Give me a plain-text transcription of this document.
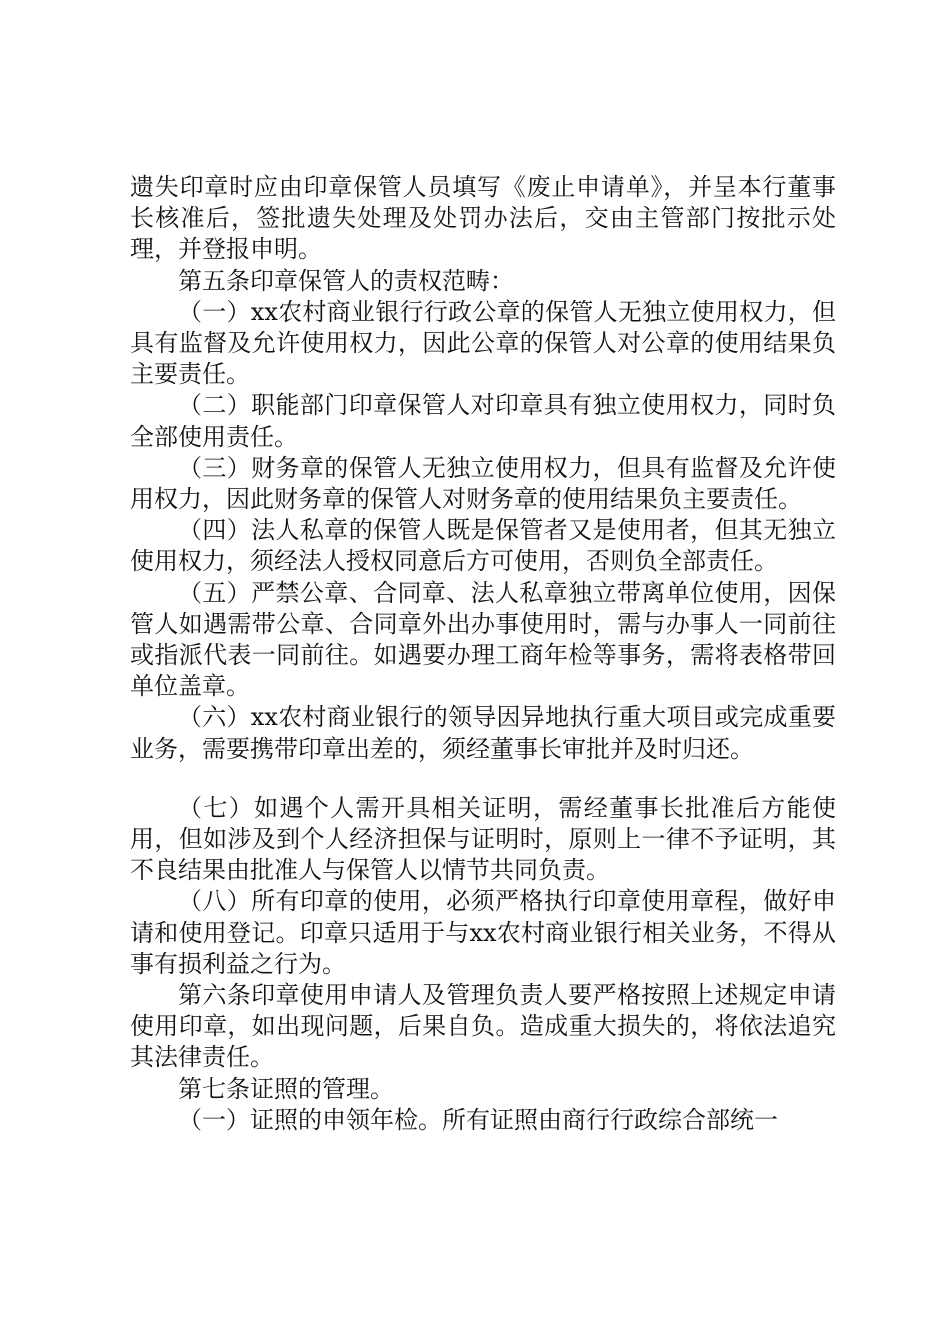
遗失印章时应由印章保管人员填写《废止申请单》，并呈本行董事长核准后，签批遗失处理及处罚办法后，交由主管部门按批示处理，并登报申明。

第五条印章保管人的责权范畴：

（一）xx农村商业银行行政公章的保管人无独立使用权力，但具有监督及允许使用权力，因此公章的保管人对公章的使用结果负主要责任。

（二）职能部门印章保管人对印章具有独立使用权力，同时负全部使用责任。

（三）财务章的保管人无独立使用权力，但具有监督及允许使用权力，因此财务章的保管人对财务章的使用结果负主要责任。

（四）法人私章的保管人既是保管者又是使用者，但其无独立使用权力，须经法人授权同意后方可使用，否则负全部责任。

（五）严禁公章、合同章、法人私章独立带离单位使用，因保管人如遇需带公章、合同章外出办事使用时，需与办事人一同前往或指派代表一同前往。如遇要办理工商年检等事务，需将表格带回单位盖章。

（六）xx农村商业银行的领导因异地执行重大项目或完成重要业务，需要携带印章出差的，须经董事长审批并及时归还。

（七）如遇个人需开具相关证明，需经董事长批准后方能使用，但如涉及到个人经济担保与证明时，原则上一律不予证明，其不良结果由批准人与保管人以情节共同负责。

（八）所有印章的使用，必须严格执行印章使用章程，做好申请和使用登记。印章只适用于与xx农村商业银行相关业务，不得从事有损利益之行为。

第六条印章使用申请人及管理负责人要严格按照上述规定申请使用印章，如出现问题，后果自负。造成重大损失的，将依法追究其法律责任。

第七条证照的管理。

（一）证照的申领年检。所有证照由商行行政综合部统一
